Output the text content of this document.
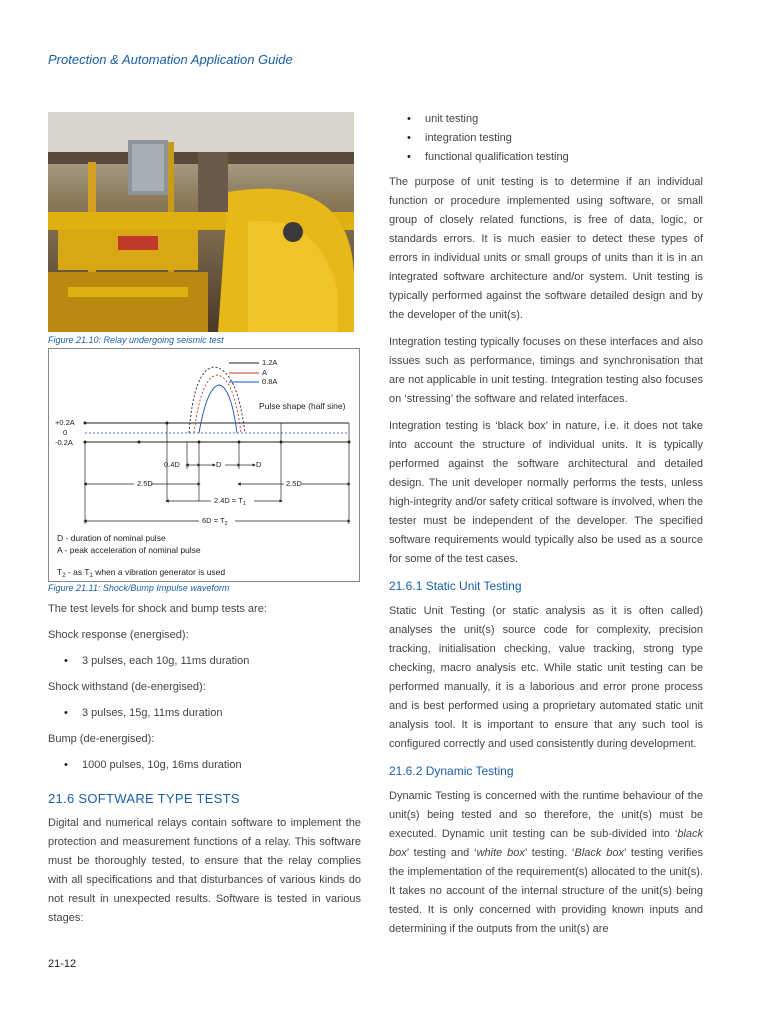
Protection & Automation Application Guide
Figure 21.10: Relay undergoing seismic test
1.2A
A
0.8A
Pulse shape (half sine)
+0.2A
0
-0.2A
0.4D	D	D
2.5D	2.5D
$2.4D = T_1$
$6D = T_2$
D - duration of nominal pulse
A - peak acceleration of nominal pulse
$T_2$ - as $T_1$ when a vibration generator is used
Figure 21.11: Shock/Bump Impulse waveform

The test levels for shock and bump tests are:

Shock response (energised):

• 3 pulses, each 10g, 11ms duration

Shock withstand (de-energised):

• 3 pulses, 15g, 11ms duration

Bump (de-energised):

• 1000 pulses, 10g, 16ms duration
21.6 SOFTWARE TYPE TESTS

Digital and numerical relays contain software to implement the protection and measurement functions of a relay. This software must be thoroughly tested, to ensure that the relay complies with all specifications and that disturbances of various kinds do not result in unexpected results. Software is tested in various stages:

• unit testing
• integration testing
• functional qualification testing

The purpose of unit testing is to determine if an individual function or procedure implemented using software, or small group of closely related functions, is free of data, logic, or standards errors. It is much easier to detect these types of errors in individual units or small groups of units than it is in an integrated software architecture and/or system. Unit testing is typically performed against the software detailed design and by the developer of the unit(s).

Integration testing typically focuses on these interfaces and also issues such as performance, timings and synchronisation that are not applicable in unit testing. Integration testing also focuses on ‘stressing’ the software and related interfaces.

Integration testing is ‘black box’ in nature, i.e. it does not take into account the structure of individual units. It is typically performed against the software architectural and detailed design. The unit developer normally performs the tests, unless high-integrity and/or safety critical software is involved, when the tester must be independent of the developer. The specified software requirements would typically also be used as a source for some of the test cases.

21.6.1 Static Unit Testing

Static Unit Testing (or static analysis as it is often called) analyses the unit(s) source code for complexity, precision tracking, initialisation checking, value tracking, strong type checking, macro analysis etc. While static unit testing can be performed manually, it is a laborious and error prone process and is best performed using a proprietary automated static unit analysis tool. It is important to ensure that any such tool is configured correctly and used consistently during development.

21.6.2 Dynamic Testing

Dynamic Testing is concerned with the runtime behaviour of the unit(s) being tested and so therefore, the unit(s) must be executed. Dynamic unit testing can be sub-divided into ‘black box’ testing and ‘white box’ testing. ‘Black box’ testing verifies the implementation of the requirement(s) allocated to the unit(s). It takes no account of the internal structure of the unit(s) being tested. It is only concerned with providing known inputs and determining if the outputs from the unit(s) are

21-12
